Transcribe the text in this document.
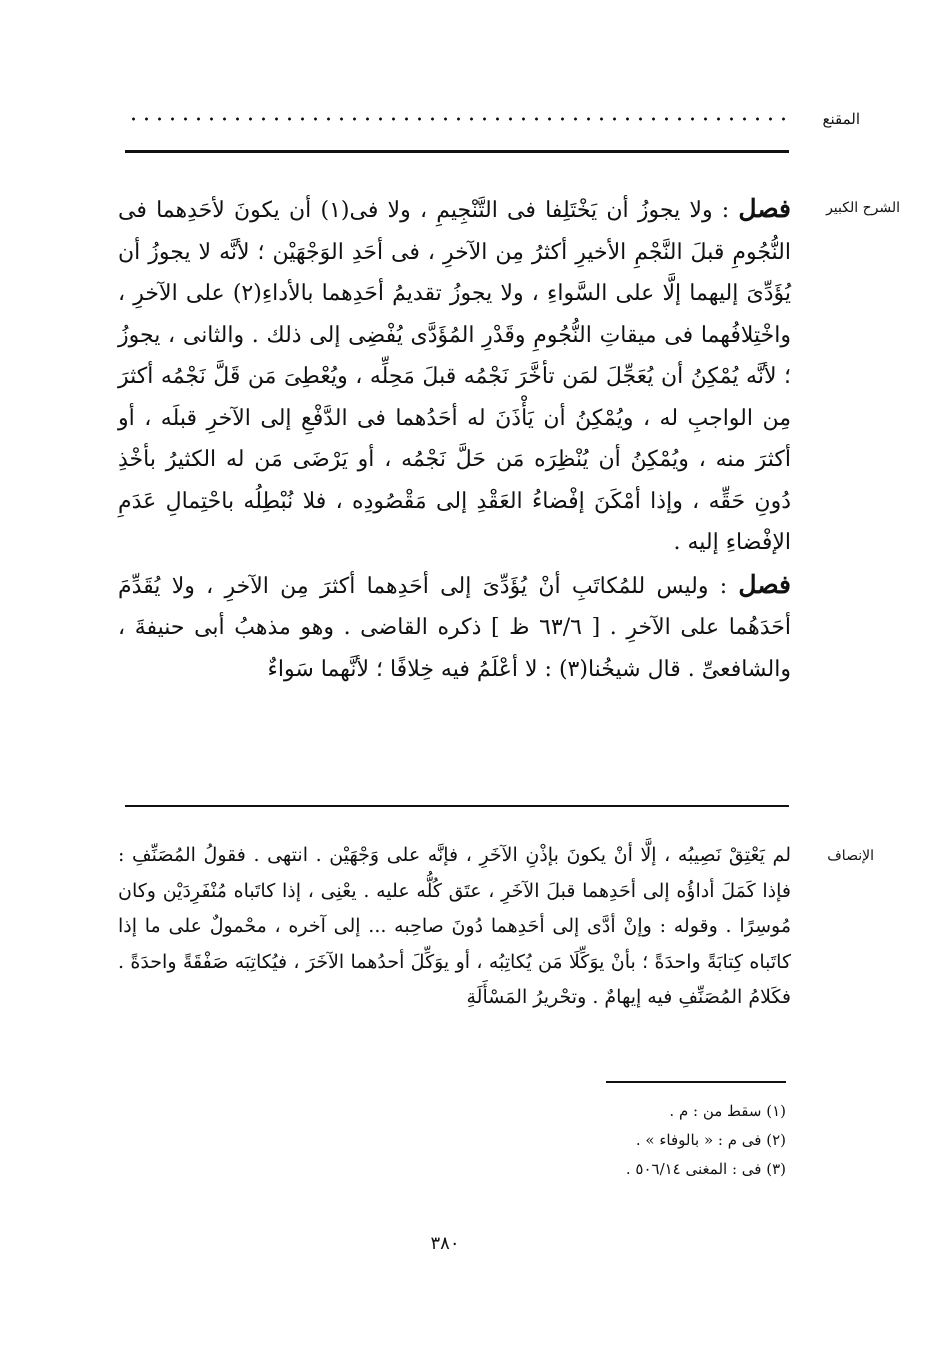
المقنع
الشرح الكبير

فصل : ولا يجوزُ أن يَخْتَلِفا فى التَّنْجِيمِ ، ولا فى(١) أن يكونَ لأحَدِهما فى النُّجُومِ قبلَ النَّجْمِ الأخيرِ أكثرُ مِن الآخرِ ، فى أحَدِ الوَجْهَيْن ؛ لأنَّه لا يجوزُ أن يُؤَدِّىَ إليهما إلَّا على السَّواءِ ، ولا يجوزُ تقديمُ أحَدِهما بالأداءِ(٢) على الآخرِ ، واخْتِلافُهما فى ميقاتِ النُّجُومِ وقَدْرِ المُؤَدَّى يُفْضِى إلى ذلك . والثانى ، يجوزُ ؛ لأنَّه يُمْكِنُ أن يُعَجِّلَ لمَن تأخَّرَ نَجْمُه قبلَ مَحِلِّه ، ويُعْطِىَ مَن قَلَّ نَجْمُه أكثرَ مِن الواجبِ له ، ويُمْكِنُ أن يَأْذَنَ له أحَدُهما فى الدَّفْعِ إلى الآخرِ قبلَه ، أو أكثرَ منه ، ويُمْكِنُ أن يُنْظِرَه مَن حَلَّ نَجْمُه ، أو يَرْضَى مَن له الكثيرُ بأخْذِ دُونِ حَقِّه ، وإذا أمْكَنَ إفْضاءُ العَقْدِ إلى مَقْصُودِه ، فلا نُبْطِلُه باحْتِمالِ عَدَمِ الإفْضاءِ إليه .

فصل : وليس للمُكاتَبِ أنْ يُؤَدِّىَ إلى أحَدِهما أكثرَ مِن الآخرِ ، ولا يُقَدِّمَ أحَدَهُما على الآخرِ . [ ٦٣/٦ ظ ] ذكره القاضى . وهو مذهبُ أبى حنيفةَ ، والشافعىِّ . قال شيخُنا(٣) : لا أعْلَمُ فيه خِلافًا ؛ لأنَّهما سَواءٌ

الإنصاف

لم يَعْتِقْ نَصِيبُه ، إلَّا أنْ يكونَ بإذْنِ الآخَرِ ، فإنَّه على وَجْهَيْن . انتهى . فقولُ المُصَنِّفِ : فإذا كَمَلَ أداؤُه إلى أحَدِهما قبلَ الآخَرِ ، عتَق كُلُّه عليه . يعْنِى ، إذا كاتَباه مُنْفَرِدَيْن وكان مُوسِرًا . وقوله : وإنْ أدَّى إلى أحَدِهما دُونَ صاحِبه ... إلى آخره ، محْمولٌ على ما إذا كاتَباه كِتابَةً واحدَةً ؛ بأنْ يوَكِّلَا مَن يُكاتِبُه ، أو يوَكِّلَ أحدُهما الآخَرَ ، فيُكاتِبَه صَفْقَةً واحدَةً . فكَلامُ المُصَنِّفِ فيه إيهامٌ . وتحْريرُ المَسْأَلَةِ

(١) سقط من : م .
(٢) فى م : « بالوفاء » .
(٣) فى : المغنى ٥٠٦/١٤ .
٣٨٠
